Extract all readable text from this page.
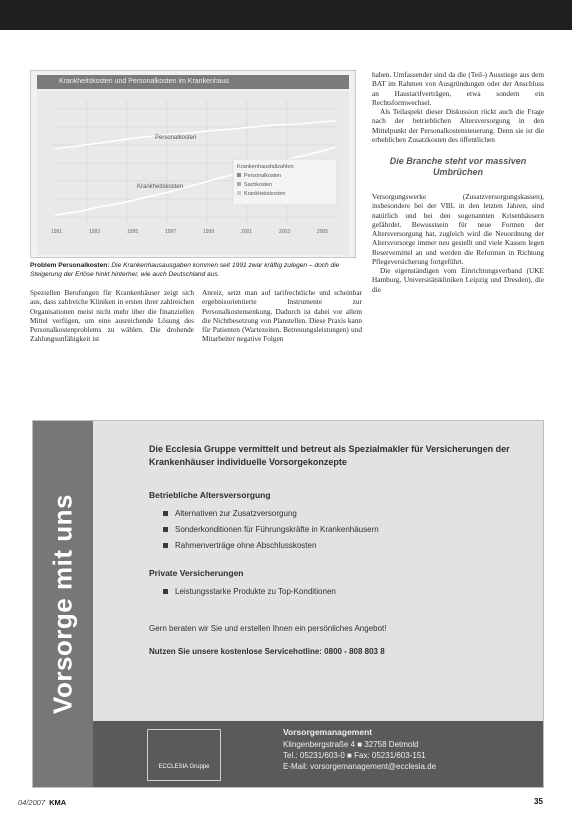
Krankheitskosten und Personalkosten im Krankenhaus
Personalkosten
Krankheitskosten
Krankenhausfallzahlen
Personalkosten
Sachkosten
Krankheitskosten
1991	1993	1995	1997	1999	2001	2003	2005
Problem Personalkosten: Die Krankenhausausgaben kommen seit 1991 zwar kräftig zulegen – doch die Steigerung der Erlöse hinkt hinterher, wie auch Deutschland aus.

Speziellen Berufungen für Krankenhäuser zeigt sich aus, dass zahlreiche Kliniken in ersten ihrer zahlreichen Organisationen meist nicht mehr über die finanziellen Mittel verfügen, um eine ausreichende Lösung des Personalkostenproblems zu wählen. Die drohende Zahlungsunfähigkeit ist

Anreiz, setzt man auf tarifrechtliche und scheinbar ergebnisorientierte Instrumente zur Personalkostensenkung. Dadurch ist dabei vor allem die Nichtbesetzung von Planstellen. Diese Praxis kann für Patienten (Wartezeiten, Betreuungsleistungen) und Mitarbeiter negative Folgen

haben. Umfassender sind da die (Teil-) Ausstiege aus dem BAT im Rahmen von Ausgründungen oder der Anschluss an Haustarifverträgen, etwa sondern ein Rechtsformwechsel.

Als Teilaspekt dieser Diskussion rückt auch die Frage nach der betrieblichen Altersversorgung in den Mittelpunkt der Personalkostensteuerung. Denn sie ist die erheblichen Zusatzkosten des öffentlichen

Die Branche steht vor massiven Umbrüchen

Versorgungswerke (Zusatzversorgungskassen), insbesondere bei der VBL in den letzten Jahren, sind natürlich und bei den sogenannten Krisenhäusern gefährdet. Bewusstsein für neue Formen der Altersversorgung hat, zugleich wird die Neuordnung der Altersvorsorge immer neu gestellt und viele Kassen legen Reservemittel an und werden die Reformen in Richtung Pflegeversicherung fortgeführt.

Die eigenständigen vom Einrichtungsverband (UKE Hamburg, Universitätskliniken Leipzig und Dresden), die die

Vorsorge mit uns

Die Ecclesia Gruppe vermittelt und betreut als Spezialmakler für Versicherungen der Krankenhäuser individuelle Vorsorgekonzepte

Betriebliche Altersversorgung
Alternativen zur Zusatzversorgung
Sonderkonditionen für Führungskräfte in Krankenhäusern
Rahmenverträge ohne Abschlusskosten
Private Versicherungen
Leistungsstarke Produkte zu Top-Konditionen

Gern beraten wir Sie und erstellen Ihnen ein persönliches Angebot!

Nutzen Sie unsere kostenlose Servicehotline: 0800 - 808 803 8

ECCLESIA Gruppe
Vorsorgemanagement
Klingenbergstraße 4 ■ 32758 Detmold
Tel.: 05231/603-0 ■ Fax: 05231/603-151
E-Mail: vorsorgemanagement@ecclesia.de
04/2007 KMA	35
